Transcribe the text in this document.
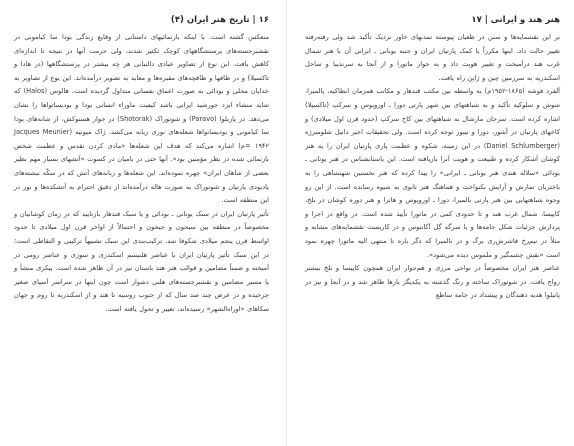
۱۶ | تاریخ هنر ایران (۴)

منعکس گشته است. با اینکه بازنمائیهای داستانی از وقایع زندگی بودا سا کیامونی در نقشبرجسته‌های پرستشگاههای کوچک تکثیر شدند، ولی حرمت آنها در نتیجه تا اندازه‌ای کاهش یافت. این نوع از تصاویر عبادی دالنبانی هر چه بیشتر در پرستشگاهها (در هادا و تاکسیلا) و در طاقها و طاقچه‌های مقبره‌ها و معابد به تصویر درآمده‌اند. این یوع از تصاویر به خدایان محلی و بودائی به صورت اعماق نفسانی متداول گردیده است. هالوس (Halos) که شاید منشاء ایزد خورشید ایرانی باشد کیفیت ماوراء انسانی بودا و بودیساتواها را نشان می‌دهد. در پاریلوا (Paravo) و شوتوراک (Shotorak) در جوار هستوکش، از شانه‌های بودا سا کیامونی و بودیساتواها شعله‌های نوری زبانه می‌کشد. ژاک میونیه (Jacques Meunier = ۱۹۴۲م) اشاره می‌کند که هدف این شعله‌ها «مادی کردن تقدس و عظمت شخص بازنمائی شده در نظر مؤمنین بود». آنها حتی در بامیان در کسوت «آتشهای بسیار مهم نظیر بعضی از شاهان ایران» چهره نموده‌اند. این شعله‌ها و زبانه‌های آتش که در سکّه نبشته‌های یادبودی پارتیان و شوتوراک به صورت هاله درآمده‌اند از دقیق احترام به آتشکده‌ها و نور در این منطقه است.

تأثیر پارتیان ایران در سبک یونانی ـ بودائی و یا سبک قندهار بازتابید که در زمان کوشانیان و مخصوصاً در منطقه بین سیحون و جیحون و احتمالاً از اواخر قرن اول میلادی تا حدود اواسط قرن پنجم میلادی شکوفا شد. ترکیب‌بندی این سبک تشبیهاً ترکیبی و التقاطی است؛ در این سبک تأثیر پارتیان ایران با عناصر هلنیسم اسکندری و سوری و عناصر رومی در آمیخته و ضمناً مضامین و قوالب هنر هند باستان نیز در آن ظاهر شده است. پیکری منشأ و یا مسیر مضامین و نقشبرجسته‌های هلنی دشوار است چون اینها در سراسر آسیای صغیر چرخیده و در عرض چند صد سال که از جنوب روسیه تا هند و از اسکندریه تا روم و جهان سکاهای «اوراه‌الشهر» رسیده‌اند، تغییر و تحول یافته است.

هنر هند و ایرانی | ۱۷

بر این نقشمایه‌ها و سنن در طغیان پیوسته تمدنهای خاور نزدیک تأکید شد ولی رفته‌رفته تغییر حالت داد. اینها مکرراً با کمک پارتیان ایران و جنبه یونانی ـ ایرانی آن با هنر شمال غرب هند درآمیخت و تغییر هویت داد و به جوار ماتورا و از آنجا به سرندیبا و ساحل اسکندریه به سرزمین چین و ژاپن راه یافت.

آلفرد فوشه (۱۸۶۵-۱۹۵۲م) به واسطه بین مکتب قندهار و مکاتب همزمان انطاکیه، پالمیرا، شوش و سلوکیه تأکید و به شباهتهای بین شهر پارتی دورا ـ اوروپوس و سرکپ (تاکسیلا) اشاره کرده است. سرجان مارشال به شباهتهای بین کاخ سرکپ (حدود قرن اول میلادی) و کاخهای پارتیان در آشور، دورا و نیبور توجه کرده است. ولی تحقیقات اخیر دانیل شلومبرژه (Daniel Schlumberger) در این زمینه، شکوه و عظمت پاری پارتیان ایران را به هنر کوشان آشکار کرده و طبیعت و هویت آنرا بازیافته است. این باستانشناس در هنر یونانی ـ بودائی «سلاله هندی هنر یونانی ـ ایرانی» را پیدا کرده که هنر نخستین شهنشاهی را به باختریان تمارش و آرایش بکنواخت و هماهنگ هنر ثانوی به شیوه رسانده است. از این رو وجوه شباهتهایی بین هنر پارتی بالمیرا، دورا ـ اوروپوس و هاترا و هنر دوره کوشان در بلخ، کاپیسا، شمال غرب هند و تا حدودی کمی در ماتورا تأیید شده است. در واقع در اجرا و پردازش جزئیات شکل جامه‌ها و یا سرگه گِل آکانتوس و در کاربست نقشمایه‌های مشابه و مثلاً در نیم‌رخ قاشرش‌ری برگ و در بالمیرا که دگر باره تا منتهی الیه ماتورا چهره نمود است «نقش چشمگیر و ملموس دیده می‌شود».

عناصر هنر ایران مخصوصاً در نواحی مرزی و هم‌جوار ایران همچون کاپیسا و بلخ بیشتر رواج یافت. در شوتوراک ساخته و رنگ گذشته به یکدیگر بارها ظاهر شد و در آنجا و نیز در پاتیلوا هدیه دهندگان و پیشداد در جامه ساطع
